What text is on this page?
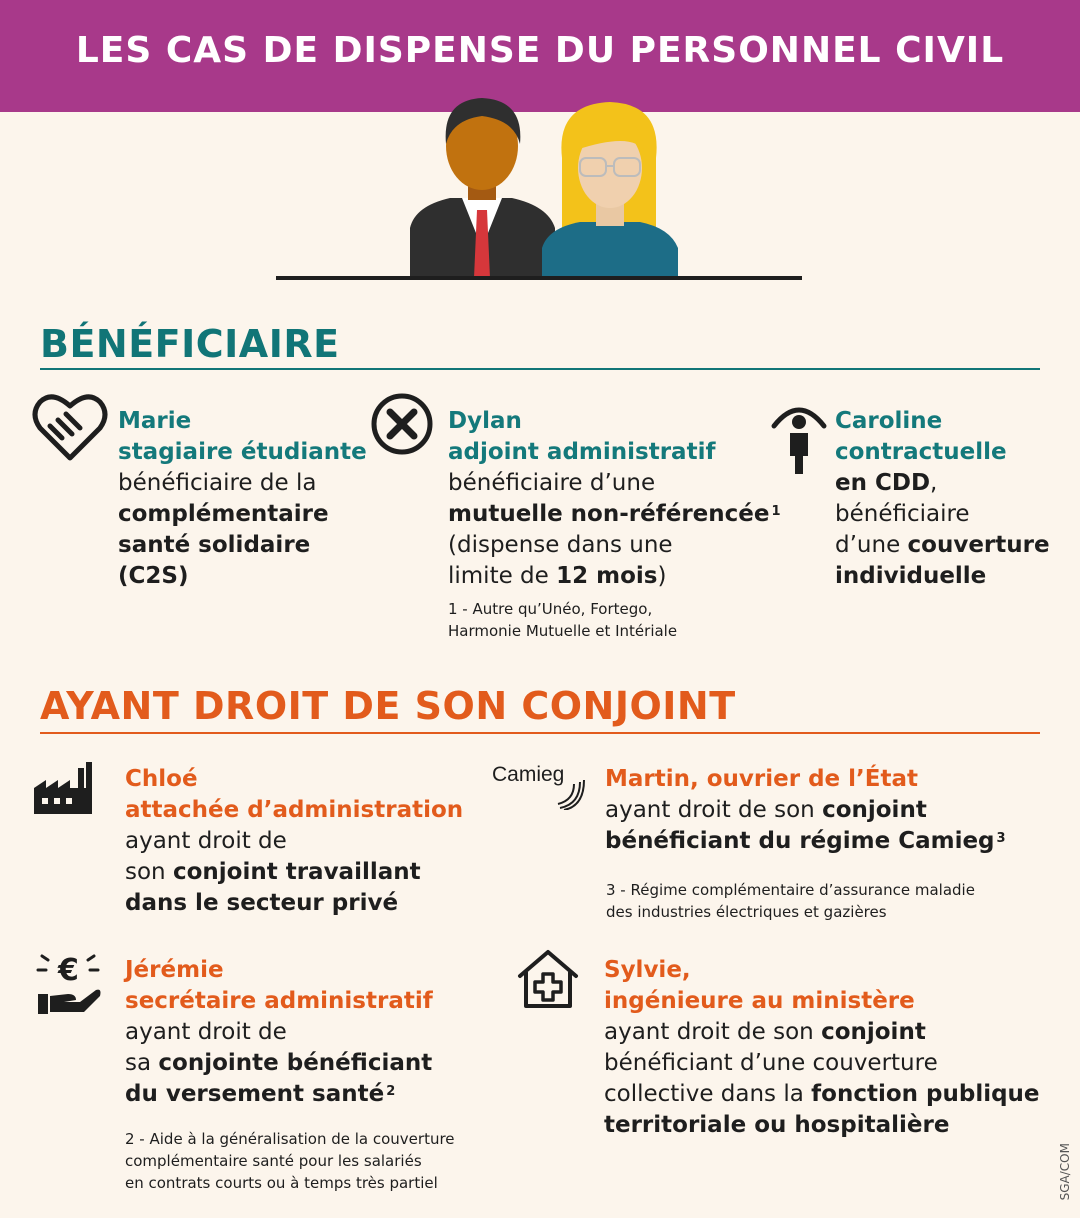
LES CAS DE DISPENSE DU PERSONNEL CIVIL
BÉNÉFICIAIRE
Marie
stagiaire étudiante
bénéficiaire de la
complémentaire
santé solidaire
(C2S)
Dylan
adjoint administratif
bénéficiaire d’une
mutuelle non-référencée $^1$
(dispense dans une
limite de 12 mois)
1 - Autre qu’Unéo, Fortego,
Harmonie Mutuelle et Intériale
Caroline
contractuelle
en CDD,
bénéficiaire
d’une couverture
individuelle
AYANT DROIT DE SON CONJOINT
Chloé
attachée d’administration
ayant droit de
son conjoint travaillant
dans le secteur privé
Camieg Martin, ouvrier de l’État
ayant droit de son conjoint
bénéficiant du régime Camieg $^3$
3 - Régime complémentaire d’assurance maladie
des industries électriques et gazières
€ Jérémie
secrétaire administratif
ayant droit de
sa conjointe bénéficiant
du versement santé $^2$
2 - Aide à la généralisation de la couverture
complémentaire santé pour les salariés
en contrats courts ou à temps très partiel
Sylvie,
ingénieure au ministère
ayant droit de son conjoint
bénéficiant d’une couverture
collective dans la fonction publique
territoriale ou hospitalière
SGA/COM
